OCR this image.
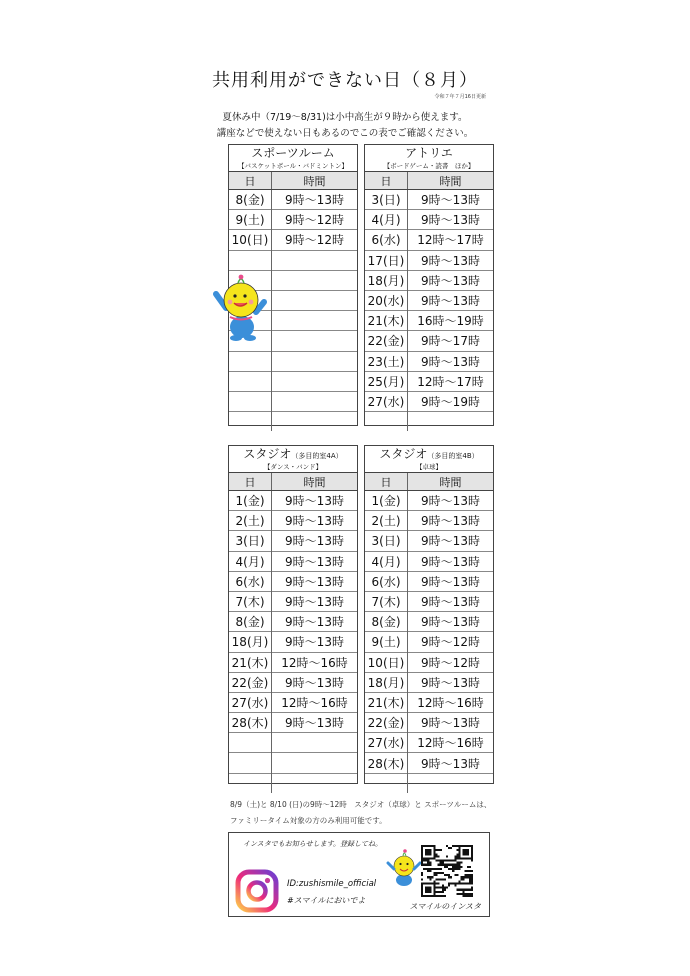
共用利用ができない日（８月）
令和７年７月16日更新
夏休み中（7/19〜8/31)は小中高生が９時から使えます。
講座などで使えない日もあるのでこの表でご確認ください。
スポーツルーム
【バスケットボール・バドミントン】
日	時間
8(金)	9時〜13時
9(土)	9時〜12時
10(日)	9時〜12時

アトリエ
【ボードゲーム・読書　ほか】
日	時間
3(日)	9時〜13時
4(月)	9時〜13時
6(水)	12時〜17時
17(日)	9時〜13時
18(月)	9時〜13時
20(水)	9時〜13時
21(木)	16時〜19時
22(金)	9時〜17時
23(土)	9時〜13時
25(月)	12時〜17時
27(水)	9時〜19時

スタジオ（多目的室4A）
【ダンス・バンド】
日	時間
1(金)	9時〜13時
2(土)	9時〜13時
3(日)	9時〜13時
4(月)	9時〜13時
6(水)	9時〜13時
7(木)	9時〜13時
8(金)	9時〜13時
18(月)	9時〜13時
21(木)	12時〜16時
22(金)	9時〜13時
27(水)	12時〜16時
28(木)	9時〜13時

スタジオ（多目的室4B）
【卓球】
日	時間
1(金)	9時〜13時
2(土)	9時〜13時
3(日)	9時〜13時
4(月)	9時〜13時
6(水)	9時〜13時
7(木)	9時〜13時
8(金)	9時〜13時
9(土)	9時〜12時
10(日)	9時〜12時
18(月)	9時〜13時
21(木)	12時〜16時
22(金)	9時〜13時
27(水)	12時〜16時
28(木)	9時〜13時

8/9（土)と 8/10 (日)の9時〜12時　スタジオ（卓球）と スポーツルームは、
ファミリータイム対象の方のみ利用可能です。
インスタでもお知らせします。登録してね。
ID:zushismile_official
#スマイルにおいでよ
スマイルのインスタ
